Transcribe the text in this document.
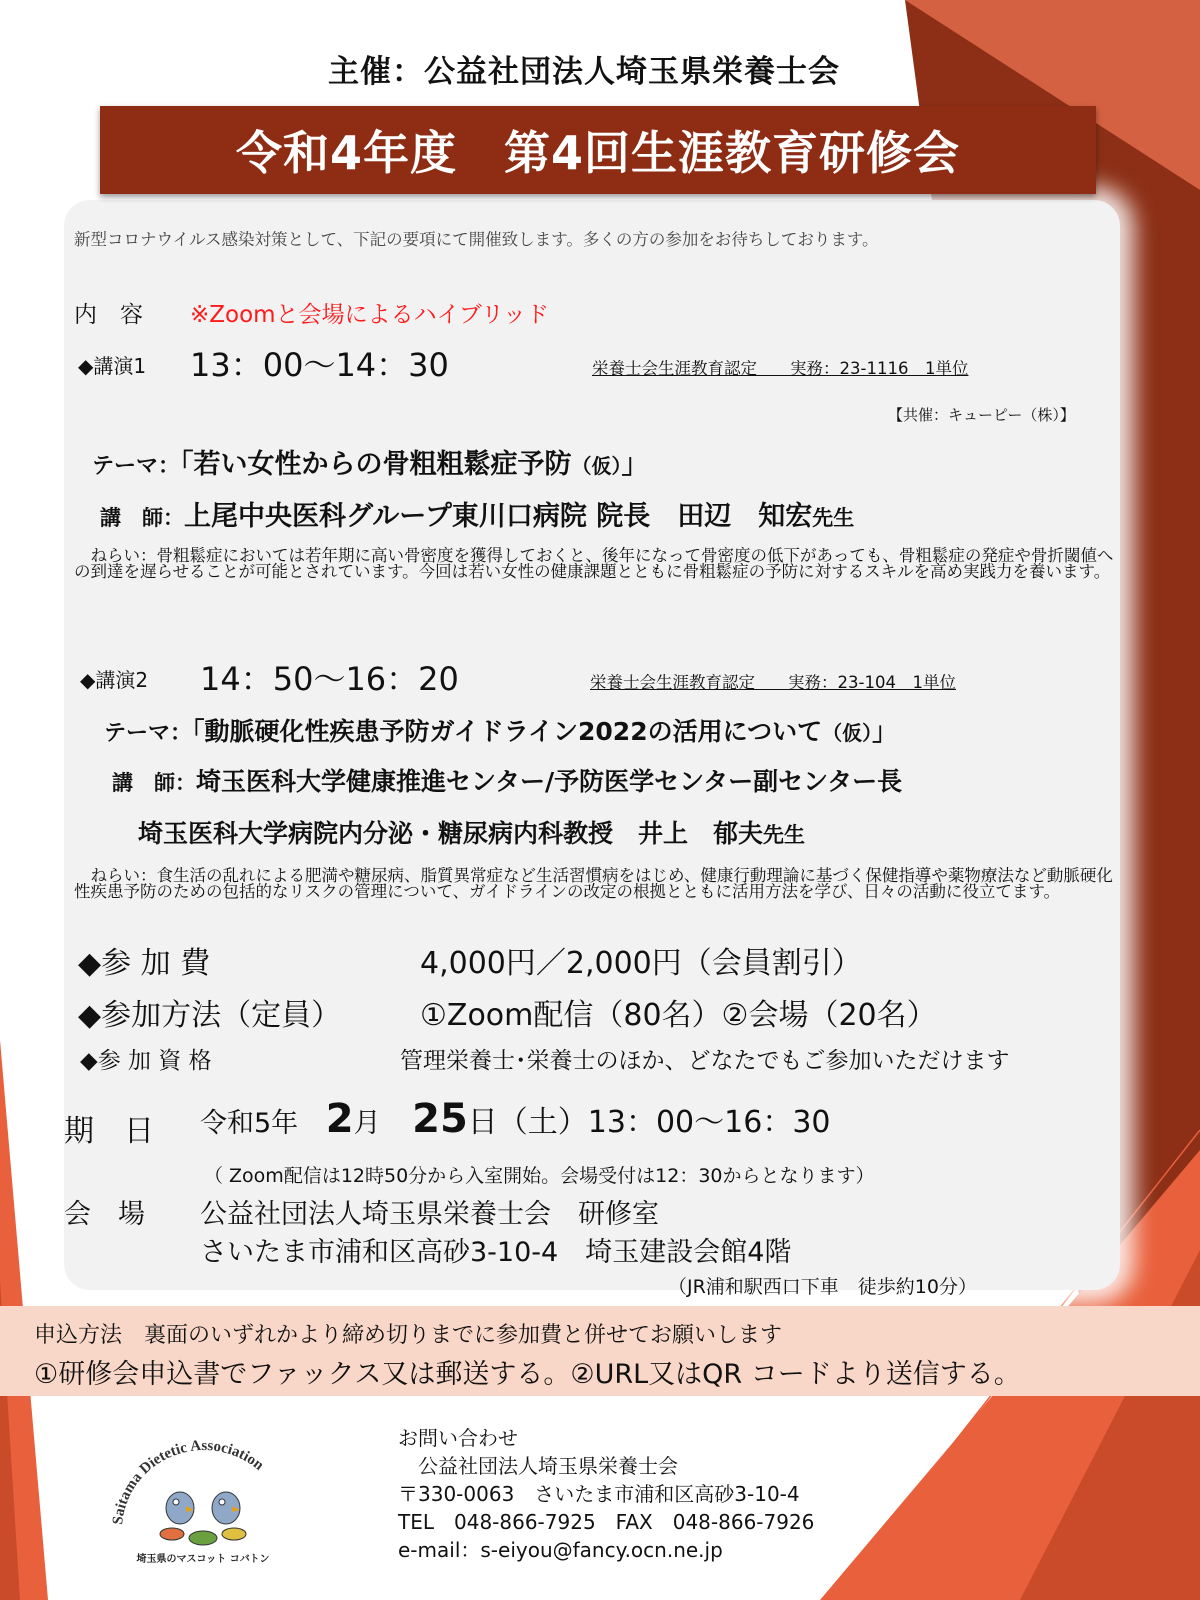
主催：公益社団法人埼玉県栄養士会
令和4年度　第4回生涯教育研修会
新型コロナウイルス感染対策として、下記の要項にて開催致します。多くの方の参加をお待ちしております。
内　容 ※Zoomと会場によるハイブリッド
◆講演1 13：00～14：30	栄養士会生涯教育認定　　実務：23-1116　1単位
【共催：キューピー（株）】
テーマ：「若い女性からの骨粗粗鬆症予防（仮）」
講　師：上尾中央医科グループ東川口病院 院長　田辺　知宏先生
　ねらい：骨粗鬆症においては若年期に高い骨密度を獲得しておくと、後年になって骨密度の低下があっても、骨粗鬆症の発症や骨折閾値への到達を遅らせることが可能とされています。今回は若い女性の健康課題とともに骨粗鬆症の予防に対するスキルを高め実践力を養います。
◆講演2 14：50～16：20	栄養士会生涯教育認定　　実務：23-104　1単位
テーマ：「動脈硬化性疾患予防ガイドライン2022の活用について（仮）」
講　師：埼玉医科大学健康推進センター/予防医学センター副センター長
埼玉医科大学病院内分泌・糖尿病内科教授　井上　郁夫先生
　ねらい：食生活の乱れによる肥満や糖尿病、脂質異常症など生活習慣病をはじめ、健康行動理論に基づく保健指導や薬物療法など動脈硬化性疾患予防のための包括的なリスクの管理について、ガイドラインの改定の根拠とともに活用方法を学び、日々の活動に役立てます。
◆参 加 費	4,000円／2,000円（会員割引）
◆参加方法（定員）	①Zoom配信（80名）②会場（20名）
◆参 加 資 格	管理栄養士･栄養士のほか、どなたでもご参加いただけます
期　日 令和5年 2月 25日（土）13：00～16：30
（ Zoom配信は12時50分から入室開始。会場受付は12：30からとなります）
会　場 公益社団法人埼玉県栄養士会　研修室
さいたま市浦和区高砂3-10-4　埼玉建設会館4階
（JR浦和駅西口下車　徒歩約10分）
申込方法　裏面のいずれかより締め切りまでに参加費と併せてお願いします
①研修会申込書でファックス又は郵送する。②URL又はQR コードより送信する。
Saitama Dietetic Association
埼玉県のマスコット コバトン
お問い合わせ
　公益社団法人埼玉県栄養士会
〒330-0063　さいたま市浦和区高砂3-10-4
TEL　048-866-7925　FAX　048-866-7926
e-mail：s-eiyou@fancy.ocn.ne.jp
